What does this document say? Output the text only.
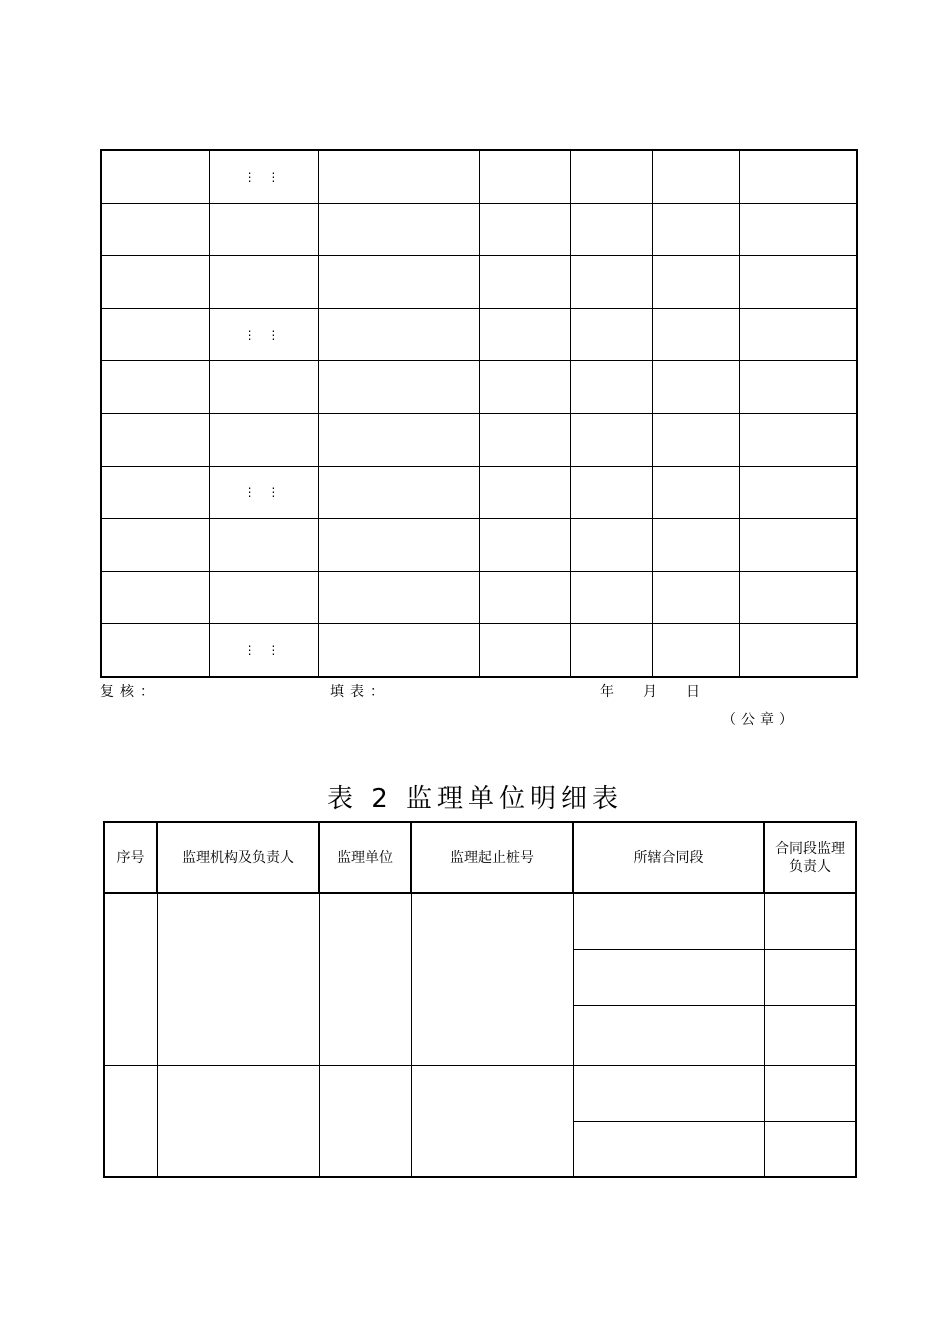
	⋮ ⋮					

	⋮ ⋮					

	⋮ ⋮					

	⋮ ⋮					
复核：	填表：	年 月 日
（公章）
表 2 监理单位明细表
序号	监理机构及负责人	监理单位	监理起止桩号	所辖合同段	合同段监理负责人
